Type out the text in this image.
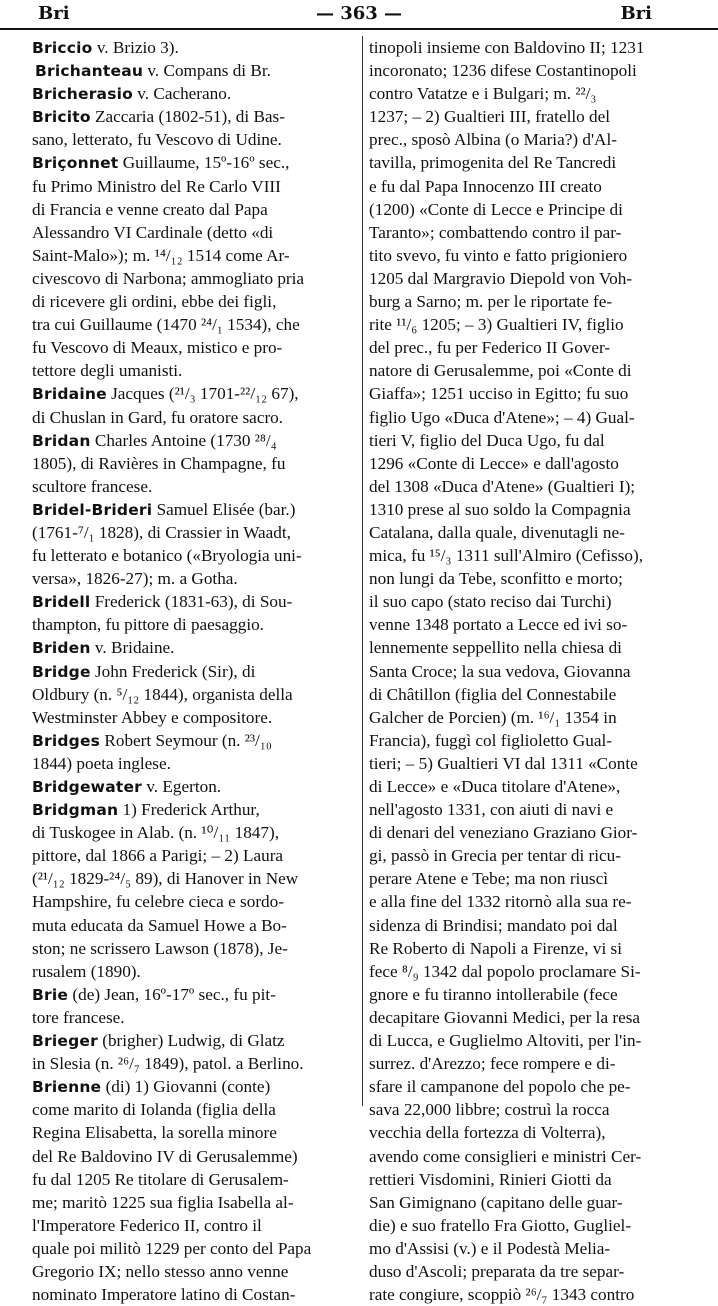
Bri	— 363 —	Bri
Briccio v. Brizio 3).
Brichanteau v. Compans di Br.
Bricherasio v. Cacherano.
Bricito Zaccaria (1802-51), di Bas-
sano, letterato, fu Vescovo di Udine.
Briçonnet Guillaume, 15º-16º sec.,
fu Primo Ministro del Re Carlo VIII
di Francia e venne creato dal Papa
Alessandro VI Cardinale (detto «di
Saint-Malo»); m. ¹⁴/₁₂ 1514 come Ar-
civescovo di Narbona; ammogliato pria
di ricevere gli ordini, ebbe dei figli,
tra cui Guillaume (1470 ²⁴/₁ 1534), che
fu Vescovo di Meaux, mistico e pro-
tettore degli umanisti.
Bridaine Jacques (²¹/₃ 1701-²²/₁₂ 67),
di Chuslan in Gard, fu oratore sacro.
Bridan Charles Antoine (1730 ²⁸/₄
1805), di Ravières in Champagne, fu
scultore francese.
Bridel-Brideri Samuel Elisée (bar.)
(1761-⁷/₁ 1828), di Crassier in Waadt,
fu letterato e botanico («Bryologia uni-
versa», 1826-27); m. a Gotha.
Bridell Frederick (1831-63), di Sou-
thampton, fu pittore di paesaggio.
Briden v. Bridaine.
Bridge John Frederick (Sir), di
Oldbury (n. ⁵/₁₂ 1844), organista della
Westminster Abbey e compositore.
Bridges Robert Seymour (n. ²³/₁₀
1844) poeta inglese.
Bridgewater v. Egerton.
Bridgman 1) Frederick Arthur,
di Tuskogee in Alab. (n. ¹⁰/₁₁ 1847),
pittore, dal 1866 a Parigi; – 2) Laura
(²¹/₁₂ 1829-²⁴/₅ 89), di Hanover in New
Hampshire, fu celebre cieca e sordo-
muta educata da Samuel Howe a Bo-
ston; ne scrissero Lawson (1878), Je-
rusalem (1890).
Brie (de) Jean, 16º-17º sec., fu pit-
tore francese.
Brieger (brigher) Ludwig, di Glatz
in Slesia (n. ²⁶/₇ 1849), patol. a Berlino.
Brienne (di) 1) Giovanni (conte)
come marito di Iolanda (figlia della
Regina Elisabetta, la sorella minore
del Re Baldovino IV di Gerusalemme)
fu dal 1205 Re titolare di Gerusalem-
me; maritò 1225 sua figlia Isabella al-
l'Imperatore Federico II, contro il
quale poi militò 1229 per conto del Papa
Gregorio IX; nello stesso anno venne
nominato Imperatore latino di Costan-
tinopoli insieme con Baldovino II; 1231
incoronato; 1236 difese Costantinopoli
contro Vatatze e i Bulgari; m. ²²/₃
1237; – 2) Gualtieri III, fratello del
prec., sposò Albina (o Maria?) d'Al-
tavilla, primogenita del Re Tancredi
e fu dal Papa Innocenzo III creato
(1200) «Conte di Lecce e Principe di
Taranto»; combattendo contro il par-
tito svevo, fu vinto e fatto prigioniero
1205 dal Margravio Diepold von Voh-
burg a Sarno; m. per le riportate fe-
rite ¹¹/₆ 1205; – 3) Gualtieri IV, figlio
del prec., fu per Federico II Gover-
natore di Gerusalemme, poi «Conte di
Giaffa»; 1251 ucciso in Egitto; fu suo
figlio Ugo «Duca d'Atene»; – 4) Gual-
tieri V, figlio del Duca Ugo, fu dal
1296 «Conte di Lecce» e dall'agosto
del 1308 «Duca d'Atene» (Gualtieri I);
1310 prese al suo soldo la Compagnia
Catalana, dalla quale, divenutagli ne-
mica, fu ¹⁵/₃ 1311 sull'Almiro (Cefisso),
non lungi da Tebe, sconfitto e morto;
il suo capo (stato reciso dai Turchi)
venne 1348 portato a Lecce ed ivi so-
lennemente seppellito nella chiesa di
Santa Croce; la sua vedova, Giovanna
di Châtillon (figlia del Connestabile
Galcher de Porcien) (m. ¹⁶/₁ 1354 in
Francia), fuggì col figlioletto Gual-
tieri; – 5) Gualtieri VI dal 1311 «Conte
di Lecce» e «Duca titolare d'Atene»,
nell'agosto 1331, con aiuti di navi e
di denari del veneziano Graziano Gior-
gi, passò in Grecia per tentar di ricu-
perare Atene e Tebe; ma non riuscì
e alla fine del 1332 ritornò alla sua re-
sidenza di Brindisi; mandato poi dal
Re Roberto di Napoli a Firenze, vi si
fece ⁸/₉ 1342 dal popolo proclamare Si-
gnore e fu tiranno intollerabile (fece
decapitare Giovanni Medici, per la resa
di Lucca, e Guglielmo Altoviti, per l'in-
surrez. d'Arezzo; fece rompere e di-
sfare il campanone del popolo che pe-
sava 22,000 libbre; costruì la rocca
vecchia della fortezza di Volterra),
avendo come consiglieri e ministri Cer-
rettieri Visdomini, Rinieri Giotti da
San Gimignano (capitano delle guar-
die) e suo fratello Fra Giotto, Gugliel-
mo d'Assisi (v.) e il Podestà Melia-
duso d'Ascoli; preparata da tre separ-
rate congiure, scoppiò ²⁶/₇ 1343 contro
